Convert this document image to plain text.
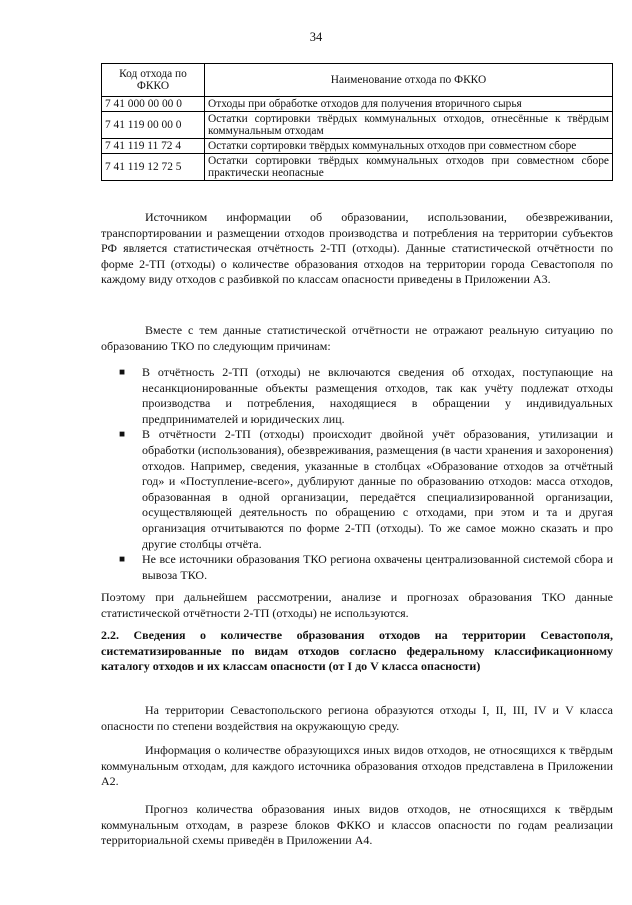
34
Код отхода по ФККО	Наименование отхода по ФККО
7 41 000 00 00 0	Отходы при обработке отходов для получения вторичного сырья
7 41 119 00 00 0	Остатки сортировки твёрдых коммунальных отходов, отнесённые к твёрдым коммунальным отходам
7 41 119 11 72 4	Остатки сортировки твёрдых коммунальных отходов при совместном сборе
7 41 119 12 72 5	Остатки сортировки твёрдых коммунальных отходов при совместном сборе практически неопасные

Источником информации об образовании, использовании, обезвреживании, транспортировании и размещении отходов производства и потребления на территории субъектов РФ является статистическая отчётность 2-ТП (отходы). Данные статистической отчётности по форме 2-ТП (отходы) о количестве образования отходов на территории города Севастополя по каждому виду отходов с разбивкой по классам опасности приведены в Приложении А3.

Вместе с тем данные статистической отчётности не отражают реальную ситуацию по образованию ТКО по следующим причинам:

■ В отчётность 2-ТП (отходы) не включаются сведения об отходах, поступающие на несанкционированные объекты размещения отходов, так как учёту подлежат отходы производства и потребления, находящиеся в обращении у индивидуальных предпринимателей и юридических лиц.
■ В отчётности 2-ТП (отходы) происходит двойной учёт образования, утилизации и обработки (использования), обезвреживания, размещения (в части хранения и захоронения) отходов. Например, сведения, указанные в столбцах «Образование отходов за отчётный год» и «Поступление-всего», дублируют данные по образованию отходов: масса отходов, образованная в одной организации, передаётся специализированной организации, осуществляющей деятельность по обращению с отходами, при этом и та и другая организация отчитываются по форме 2-ТП (отходы). То же самое можно сказать и про другие столбцы отчёта.
■ Не все источники образования ТКО региона охвачены централизованной системой сбора и вывоза ТКО.

Поэтому при дальнейшем рассмотрении, анализе и прогнозах образования ТКО данные статистической отчётности 2-ТП (отходы) не используются.

2.2. Сведения о количестве образования отходов на территории Севастополя, систематизированные по видам отходов согласно федеральному классификационному каталогу отходов и их классам опасности (от I до V класса опасности)

На территории Севастопольского региона образуются отходы I, II, III, IV и V класса опасности по степени воздействия на окружающую среду.

Информация о количестве образующихся иных видов отходов, не относящихся к твёрдым коммунальным отходам, для каждого источника образования отходов представлена в Приложении А2.

Прогноз количества образования иных видов отходов, не относящихся к твёрдым коммунальным отходам, в разрезе блоков ФККО и классов опасности по годам реализации территориальной схемы приведён в Приложении А4.
